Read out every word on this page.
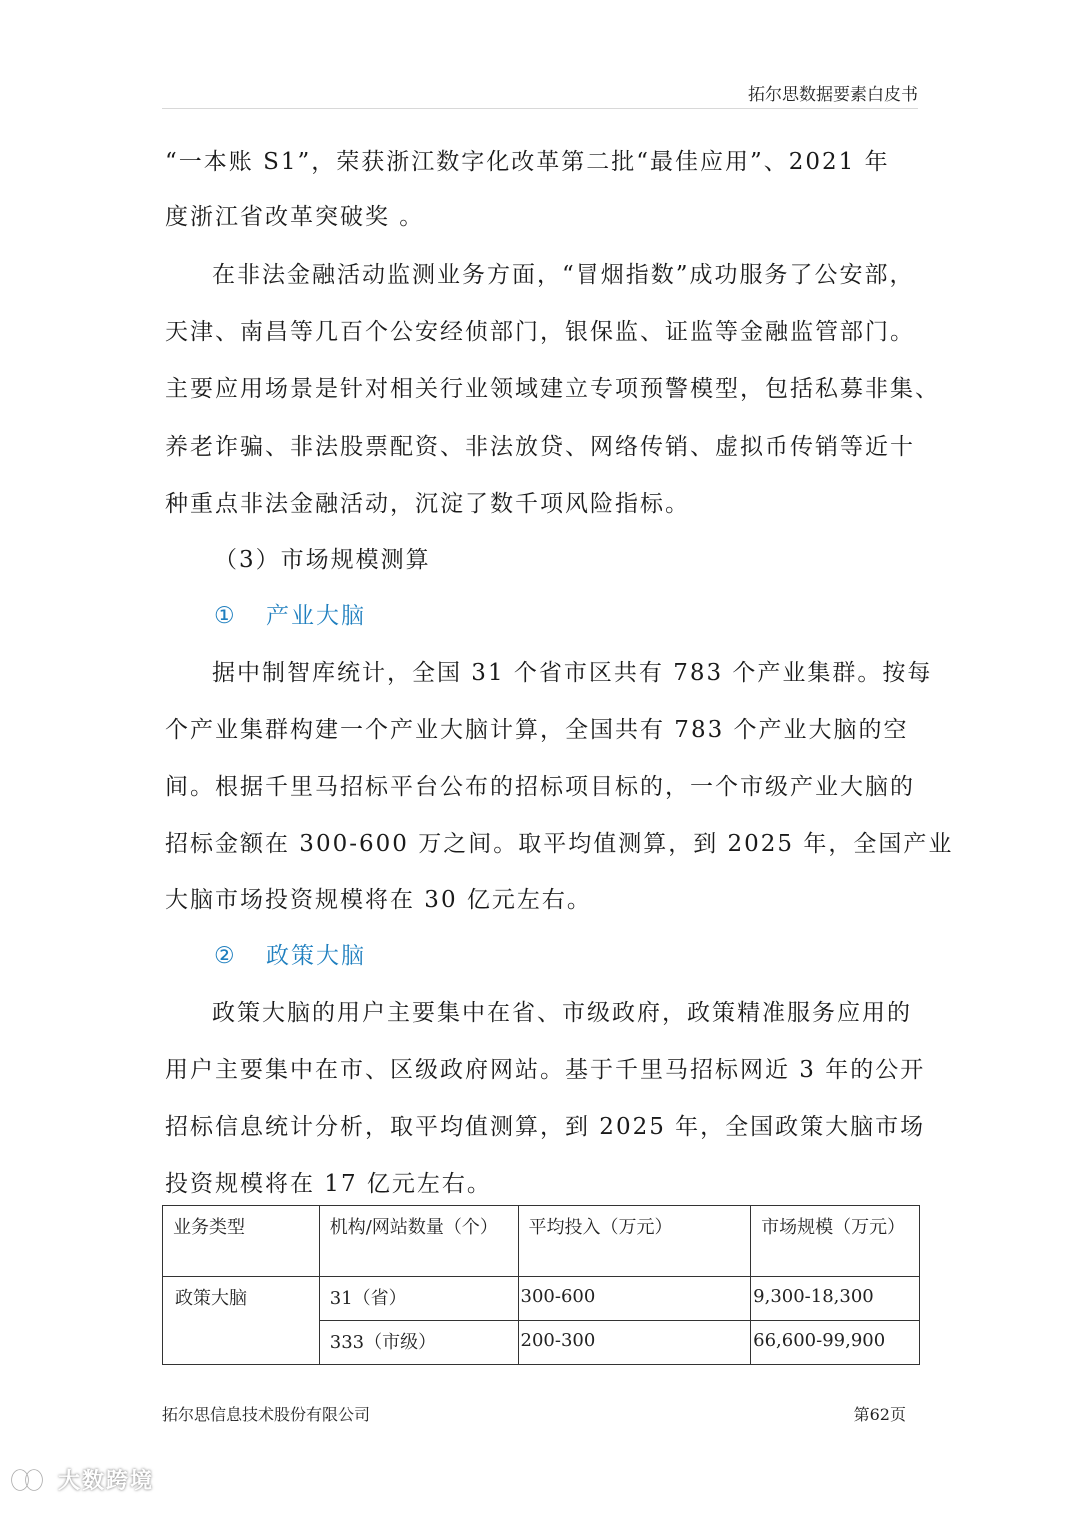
拓尔思数据要素白皮书
“一本账 S1”，荣获浙江数字化改革第二批“最佳应用”、2021 年
度浙江省改革突破奖 。
在非法金融活动监测业务方面，“冒烟指数”成功服务了公安部，
天津、南昌等几百个公安经侦部门，银保监、证监等金融监管部门。
主要应用场景是针对相关行业领域建立专项预警模型，包括私募非集、
养老诈骗、非法股票配资、非法放贷、网络传销、虚拟币传销等近十
种重点非法金融活动，沉淀了数千项风险指标。
（3）市场规模测算
① 产业大脑
据中制智库统计，全国 31 个省市区共有 783 个产业集群。按每
个产业集群构建一个产业大脑计算，全国共有 783 个产业大脑的空
间。根据千里马招标平台公布的招标项目标的，一个市级产业大脑的
招标金额在 300-600 万之间。取平均值测算，到 2025 年，全国产业
大脑市场投资规模将在 30 亿元左右。
② 政策大脑
政策大脑的用户主要集中在省、市级政府，政策精准服务应用的
用户主要集中在市、区级政府网站。基于千里马招标网近 3 年的公开
招标信息统计分析，取平均值测算，到 2025 年，全国政策大脑市场
投资规模将在 17 亿元左右。
业务类型	机构/网站数量（个）	平均投入（万元）	市场规模（万元）
政策大脑	31（省）	300-600	9,300-18,300
	333（市级）	200-300	66,600-99,900
拓尔思信息技术股份有限公司	第62页
大数跨境
